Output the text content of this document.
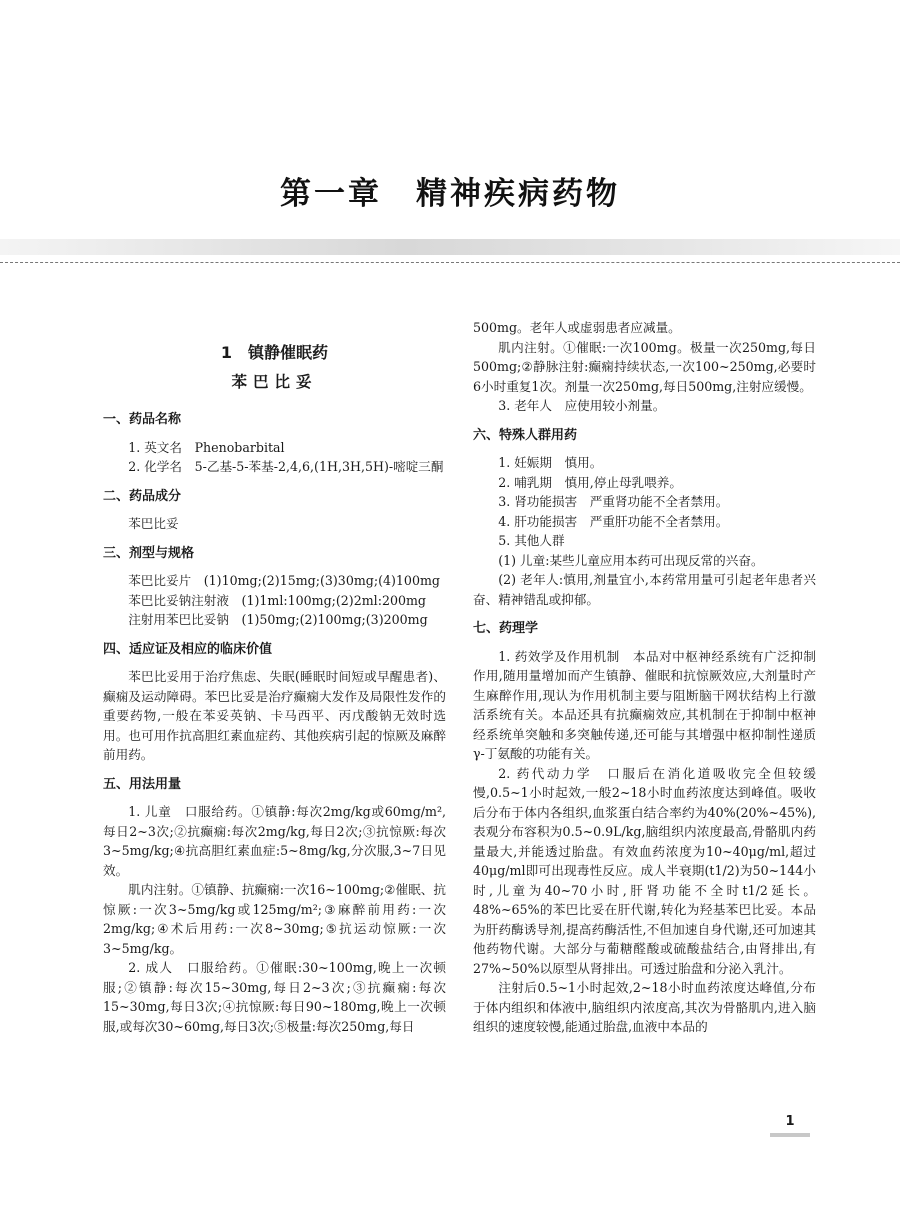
第一章　精神疾病药物
1　镇静催眠药
苯巴比妥
一、药品名称

1. 英文名　Phenobarbital

2. 化学名　5-乙基-5-苯基-2,4,6,(1H,3H,5H)-嘧啶三酮

二、药品成分

苯巴比妥

三、剂型与规格

苯巴比妥片　(1)10mg;(2)15mg;(3)30mg;(4)100mg

苯巴比妥钠注射液　(1)1ml:100mg;(2)2ml:200mg

注射用苯巴比妥钠　(1)50mg;(2)100mg;(3)200mg

四、适应证及相应的临床价值

苯巴比妥用于治疗焦虑、失眠(睡眠时间短或早醒患者)、癫痫及运动障碍。苯巴比妥是治疗癫痫大发作及局限性发作的重要药物,一般在苯妥英钠、卡马西平、丙戊酸钠无效时选用。也可用作抗高胆红素血症药、其他疾病引起的惊厥及麻醉前用药。

五、用法用量

1. 儿童　口服给药。①镇静:每次2mg/kg或60mg/m², 每日2~3次;②抗癫痫:每次2mg/kg,每日2次;③抗惊厥:每次3~5mg/kg;④抗高胆红素血症:5~8mg/kg,分次服,3~7日见效。

肌内注射。①镇静、抗癫痫:一次16~100mg;②催眠、抗惊厥:一次3~5mg/kg或125mg/m²;③麻醉前用药:一次2mg/kg;④术后用药:一次8~30mg;⑤抗运动惊厥:一次3~5mg/kg。

2. 成人　口服给药。①催眠:30~100mg,晚上一次顿服;②镇静:每次15~30mg,每日2~3次;③抗癫痫:每次15~30mg,每日3次;④抗惊厥:每日90~180mg,晚上一次顿服,或每次30~60mg,每日3次;⑤极量:每次250mg,每日

500mg。老年人或虚弱患者应减量。

肌内注射。①催眠:一次100mg。极量一次250mg,每日500mg;②静脉注射:癫痫持续状态,一次100~250mg,必要时6小时重复1次。剂量一次250mg,每日500mg,注射应缓慢。

3. 老年人　应使用较小剂量。

六、特殊人群用药

1. 妊娠期　慎用。

2. 哺乳期　慎用,停止母乳喂养。

3. 肾功能损害　严重肾功能不全者禁用。

4. 肝功能损害　严重肝功能不全者禁用。

5. 其他人群

(1) 儿童:某些儿童应用本药可出现反常的兴奋。

(2) 老年人:慎用,剂量宜小,本药常用量可引起老年患者兴奋、精神错乱或抑郁。

七、药理学

1. 药效学及作用机制　本品对中枢神经系统有广泛抑制作用,随用量增加而产生镇静、催眠和抗惊厥效应,大剂量时产生麻醉作用,现认为作用机制主要与阻断脑干网状结构上行激活系统有关。本品还具有抗癫痫效应,其机制在于抑制中枢神经系统单突触和多突触传递,还可能与其增强中枢抑制性递质γ-丁氨酸的功能有关。

2. 药代动力学　口服后在消化道吸收完全但较缓慢,0.5~1小时起效,一般2~18小时血药浓度达到峰值。吸收后分布于体内各组织,血浆蛋白结合率约为40%(20%~45%),表观分布容积为0.5~0.9L/kg,脑组织内浓度最高,骨骼肌内药量最大,并能透过胎盘。有效血药浓度为10~40μg/ml,超过40μg/ml即可出现毒性反应。成人半衰期(t1/2)为50~144小时,儿童为40~70小时,肝肾功能不全时t1/2延长。48%~65%的苯巴比妥在肝代谢,转化为羟基苯巴比妥。本品为肝药酶诱导剂,提高药酶活性,不但加速自身代谢,还可加速其他药物代谢。大部分与葡糖醛酸或硫酸盐结合,由肾排出,有27%~50%以原型从肾排出。可透过胎盘和分泌入乳汁。

注射后0.5~1小时起效,2~18小时血药浓度达峰值,分布于体内组织和体液中,脑组织内浓度高,其次为骨骼肌内,进入脑组织的速度较慢,能通过胎盘,血液中本品的

1
